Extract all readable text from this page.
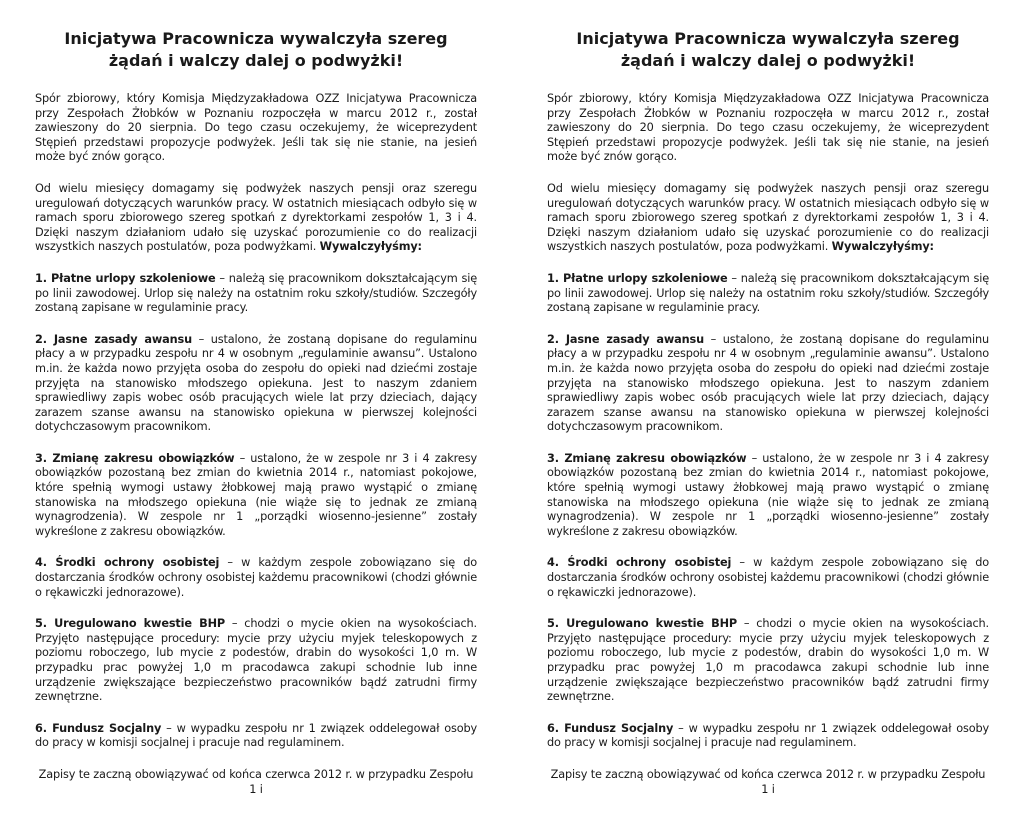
Inicjatywa Pracownicza wywalczyła szereg żądań i walczy dalej o podwyżki!

Spór zbiorowy, który Komisja Międzyzakładowa OZZ Inicjatywa Pracownicza przy Zespołach Żłobków w Poznaniu rozpoczęła w marcu 2012 r., został zawieszony do 20 sierpnia. Do tego czasu oczekujemy, że wiceprezydent Stępień przedstawi propozycje podwyżek. Jeśli tak się nie stanie, na jesień może być znów gorąco.

Od wielu miesięcy domagamy się podwyżek naszych pensji oraz szeregu uregulowań dotyczących warunków pracy. W ostatnich miesiącach odbyło się w ramach sporu zbiorowego szereg spotkań z dyrektorkami zespołów 1, 3 i 4. Dzięki naszym działaniom udało się uzyskać porozumienie co do realizacji wszystkich naszych postulatów, poza podwyżkami. Wywalczyłyśmy:

1. Płatne urlopy szkoleniowe – należą się pracownikom dokształcającym się po linii zawodowej. Urlop się należy na ostatnim roku szkoły/studiów. Szczegóły zostaną zapisane w regulaminie pracy.

2. Jasne zasady awansu – ustalono, że zostaną dopisane do regulaminu płacy a w przypadku zespołu nr 4 w osobnym „regulaminie awansu”. Ustalono m.in. że każda nowo przyjęta osoba do zespołu do opieki nad dziećmi zostaje przyjęta na stanowisko młodszego opiekuna. Jest to naszym zdaniem sprawiedliwy zapis wobec osób pracujących wiele lat przy dzieciach, dający zarazem szanse awansu na stanowisko opiekuna w pierwszej kolejności dotychczasowym pracownikom.

3. Zmianę zakresu obowiązków – ustalono, że w zespole nr 3 i 4 zakresy obowiązków pozostaną bez zmian do kwietnia 2014 r., natomiast pokojowe, które spełnią wymogi ustawy żłobkowej mają prawo wystąpić o zmianę stanowiska na młodszego opiekuna (nie wiąże się to jednak ze zmianą wynagrodzenia). W zespole nr 1 „porządki wiosenno-jesienne” zostały wykreślone z zakresu obowiązków.

4. Środki ochrony osobistej – w każdym zespole zobowiązano się do dostarczania środków ochrony osobistej każdemu pracownikowi (chodzi głównie o rękawiczki jednorazowe).

5. Uregulowano kwestie BHP – chodzi o mycie okien na wysokościach. Przyjęto następujące procedury: mycie przy użyciu myjek teleskopowych z poziomu roboczego, lub mycie z podestów, drabin do wysokości 1,0 m. W przypadku prac powyżej 1,0 m pracodawca zakupi schodnie lub inne urządzenie zwiększające bezpieczeństwo pracowników bądź zatrudni firmy zewnętrzne.

6. Fundusz Socjalny – w wypadku zespołu nr 1 związek oddelegował osoby do pracy w komisji socjalnej i pracuje nad regulaminem.

Zapisy te zaczną obowiązywać od końca czerwca 2012 r. w przypadku Zespołu 1 i

Inicjatywa Pracownicza wywalczyła szereg żądań i walczy dalej o podwyżki!

Spór zbiorowy, który Komisja Międzyzakładowa OZZ Inicjatywa Pracownicza przy Zespołach Żłobków w Poznaniu rozpoczęła w marcu 2012 r., został zawieszony do 20 sierpnia. Do tego czasu oczekujemy, że wiceprezydent Stępień przedstawi propozycje podwyżek. Jeśli tak się nie stanie, na jesień może być znów gorąco.

Od wielu miesięcy domagamy się podwyżek naszych pensji oraz szeregu uregulowań dotyczących warunków pracy. W ostatnich miesiącach odbyło się w ramach sporu zbiorowego szereg spotkań z dyrektorkami zespołów 1, 3 i 4. Dzięki naszym działaniom udało się uzyskać porozumienie co do realizacji wszystkich naszych postulatów, poza podwyżkami. Wywalczyłyśmy:

1. Płatne urlopy szkoleniowe – należą się pracownikom dokształcającym się po linii zawodowej. Urlop się należy na ostatnim roku szkoły/studiów. Szczegóły zostaną zapisane w regulaminie pracy.

2. Jasne zasady awansu – ustalono, że zostaną dopisane do regulaminu płacy a w przypadku zespołu nr 4 w osobnym „regulaminie awansu”. Ustalono m.in. że każda nowo przyjęta osoba do zespołu do opieki nad dziećmi zostaje przyjęta na stanowisko młodszego opiekuna. Jest to naszym zdaniem sprawiedliwy zapis wobec osób pracujących wiele lat przy dzieciach, dający zarazem szanse awansu na stanowisko opiekuna w pierwszej kolejności dotychczasowym pracownikom.

3. Zmianę zakresu obowiązków – ustalono, że w zespole nr 3 i 4 zakresy obowiązków pozostaną bez zmian do kwietnia 2014 r., natomiast pokojowe, które spełnią wymogi ustawy żłobkowej mają prawo wystąpić o zmianę stanowiska na młodszego opiekuna (nie wiąże się to jednak ze zmianą wynagrodzenia). W zespole nr 1 „porządki wiosenno-jesienne” zostały wykreślone z zakresu obowiązków.

4. Środki ochrony osobistej – w każdym zespole zobowiązano się do dostarczania środków ochrony osobistej każdemu pracownikowi (chodzi głównie o rękawiczki jednorazowe).

5. Uregulowano kwestie BHP – chodzi o mycie okien na wysokościach. Przyjęto następujące procedury: mycie przy użyciu myjek teleskopowych z poziomu roboczego, lub mycie z podestów, drabin do wysokości 1,0 m. W przypadku prac powyżej 1,0 m pracodawca zakupi schodnie lub inne urządzenie zwiększające bezpieczeństwo pracowników bądź zatrudni firmy zewnętrzne.

6. Fundusz Socjalny – w wypadku zespołu nr 1 związek oddelegował osoby do pracy w komisji socjalnej i pracuje nad regulaminem.

Zapisy te zaczną obowiązywać od końca czerwca 2012 r. w przypadku Zespołu 1 i
